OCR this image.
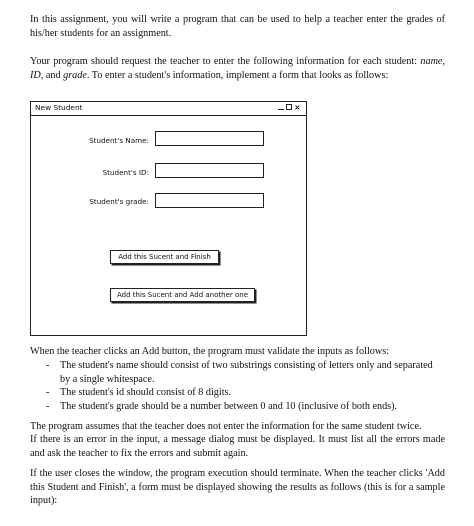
In this assignment, you will write a program that can be used to help a teacher enter the grades of his/her students for an assignment.

Your program should request the teacher to enter the following information for each student: name, ID, and grade. To enter a student's information, implement a form that looks as follows:

New Student	×
Student's Name:
Student's ID:
Student's grade:
Add this Sucent and Finish
Add this Sucent and Add another one

When the teacher clicks an Add button, the program must validate the inputs as follows:

-	The student's name should consist of two substrings consisting of letters only and separated by a single whitespace.
-	The student's id should consist of 8 digits.
-	The student's grade should be a number between 0 and 10 (inclusive of both ends).

The program assumes that the teacher does not enter the information for the same student twice.

If there is an error in the input, a message dialog must be displayed. It must list all the errors made and ask the teacher to fix the errors and submit again.

If the user closes the window, the program execution should terminate. When the teacher clicks 'Add this Student and Finish', a form must be displayed showing the results as follows (this is for a sample input):
